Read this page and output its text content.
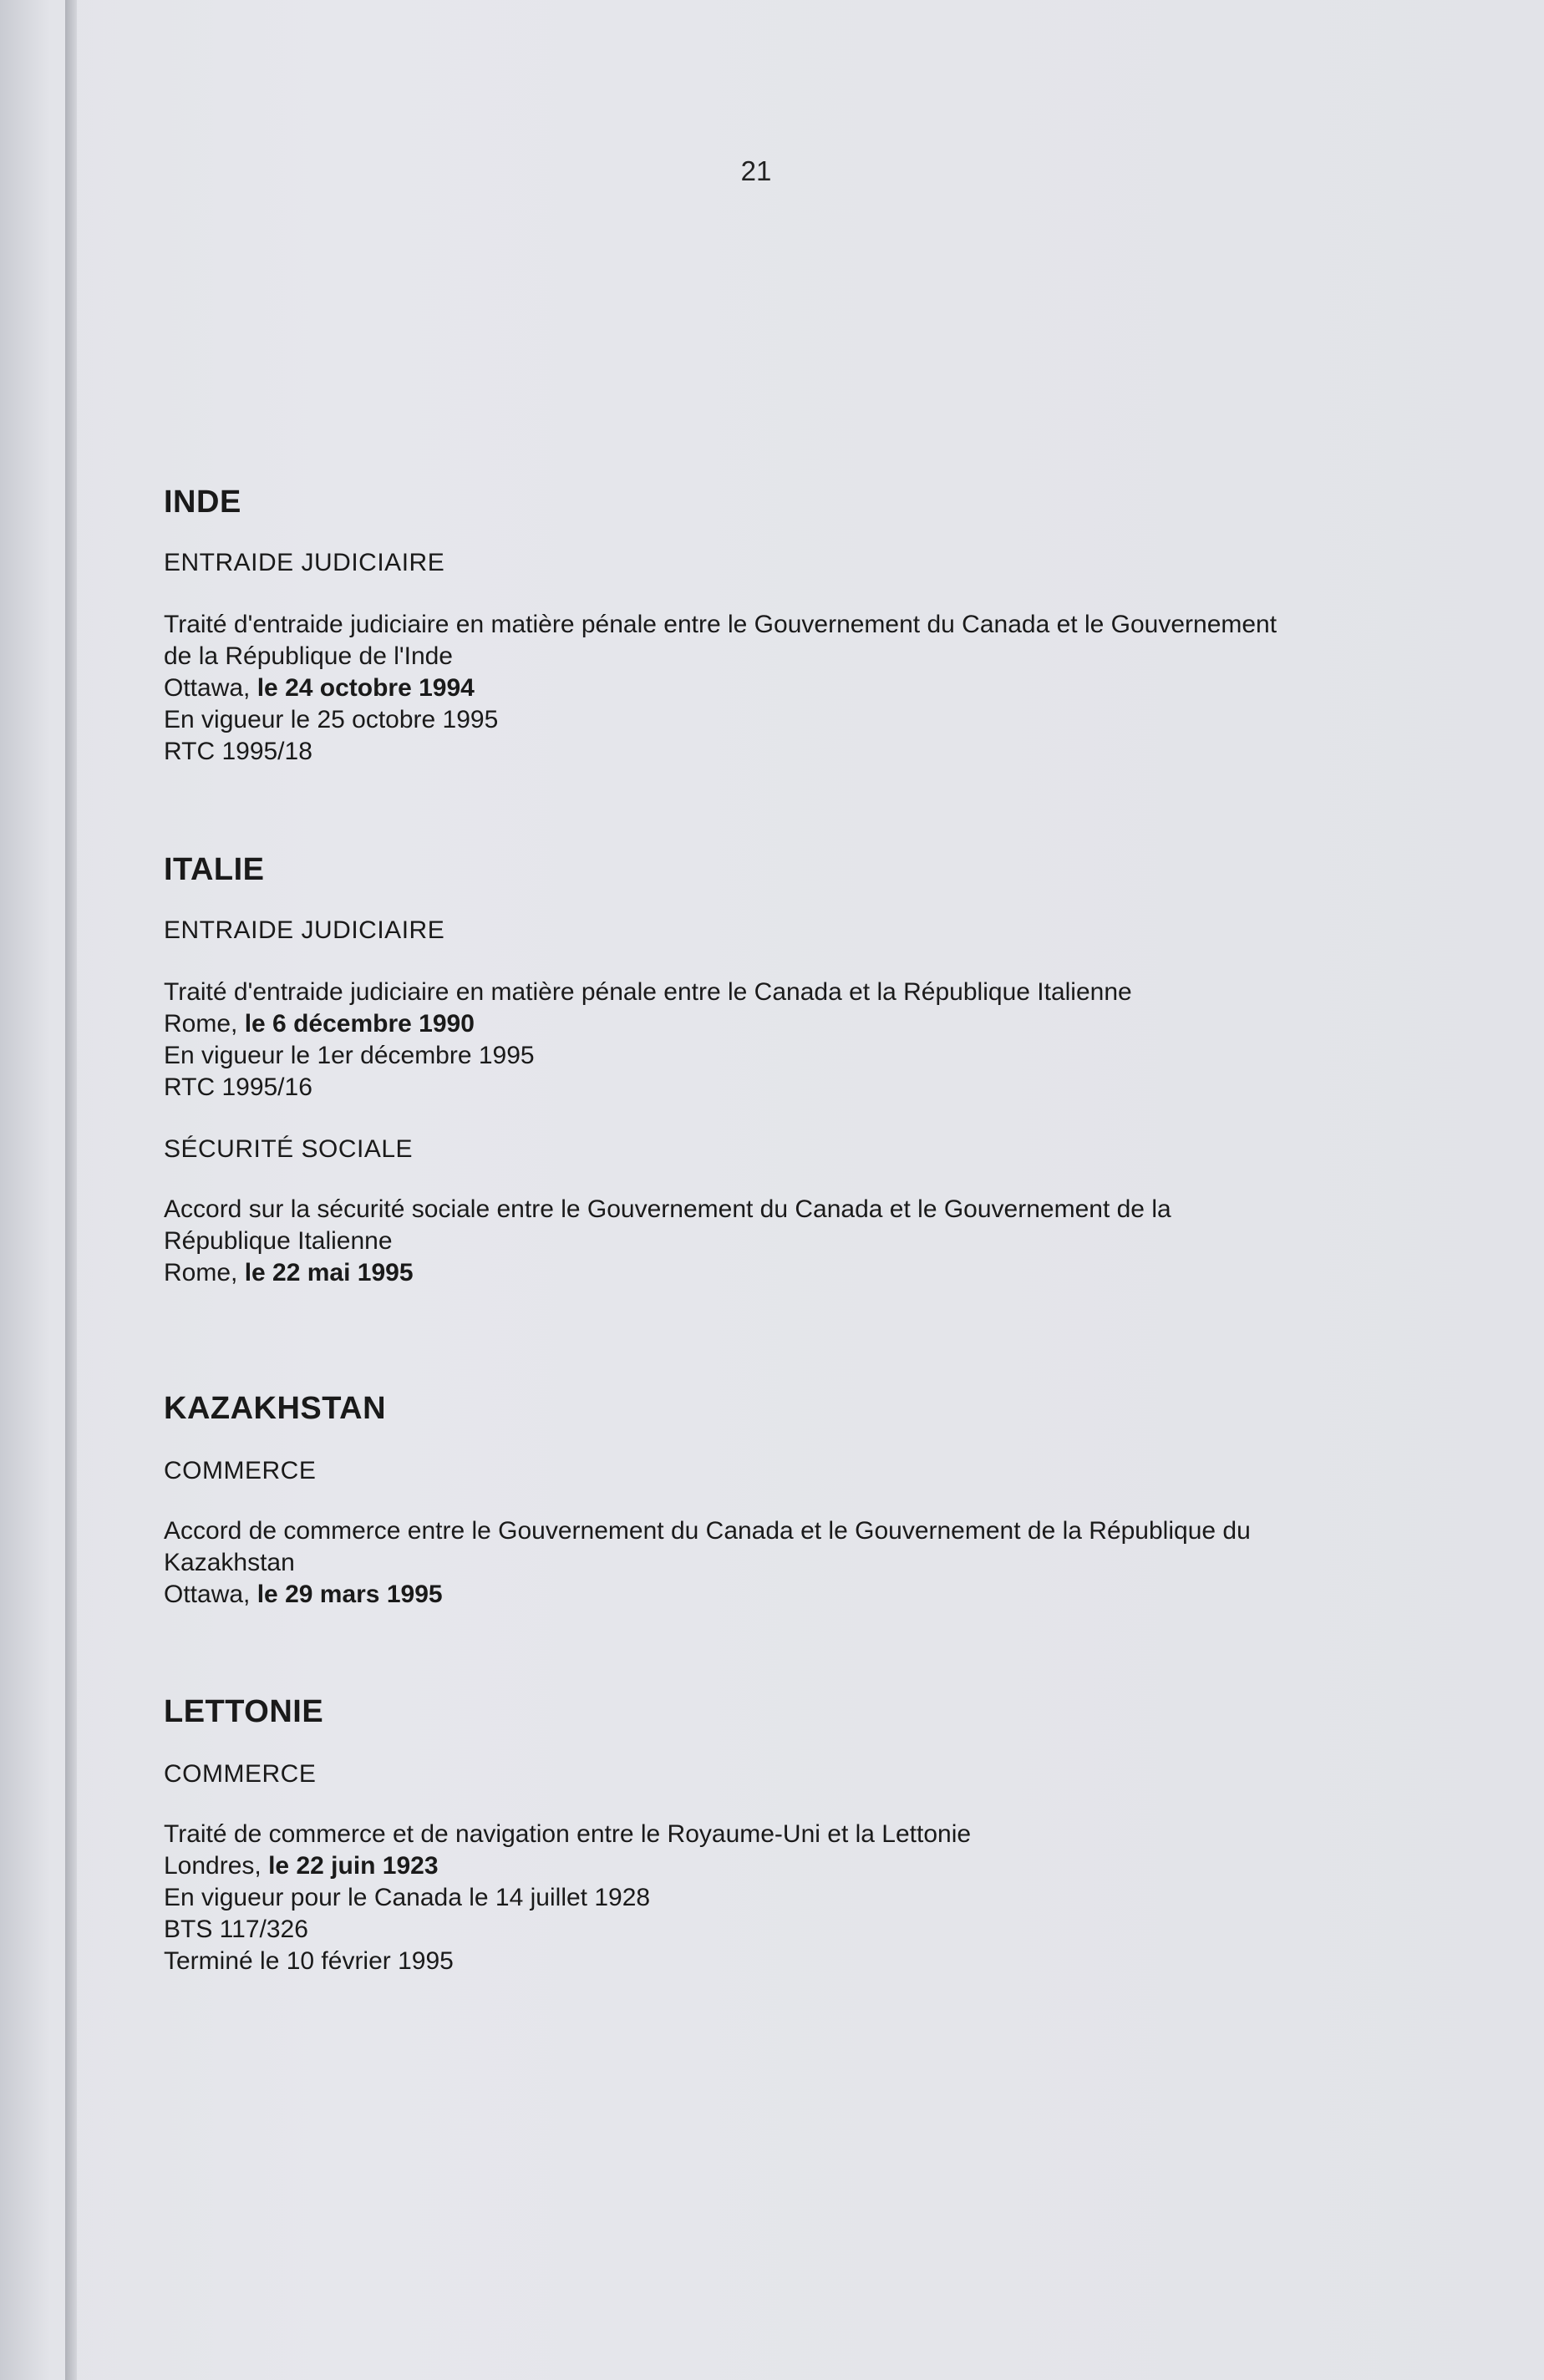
21
INDE

ENTRAIDE JUDICIAIRE

Traité d'entraide judiciaire en matière pénale entre le Gouvernement du Canada et le Gouvernement

de la République de l'Inde

Ottawa, le 24 octobre 1994

En vigueur le 25 octobre 1995

RTC 1995/18

ITALIE

ENTRAIDE JUDICIAIRE

Traité d'entraide judiciaire en matière pénale entre le Canada et la République Italienne

Rome, le 6 décembre 1990

En vigueur le 1er décembre 1995

RTC 1995/16

SÉCURITÉ SOCIALE

Accord sur la sécurité sociale entre le Gouvernement du Canada et le Gouvernement de la

République Italienne

Rome, le 22 mai 1995

KAZAKHSTAN

COMMERCE

Accord de commerce entre le Gouvernement du Canada et le Gouvernement de la République du

Kazakhstan

Ottawa, le 29 mars 1995

LETTONIE

COMMERCE

Traité de commerce et de navigation entre le Royaume-Uni et la Lettonie

Londres, le 22 juin 1923

En vigueur pour le Canada le 14 juillet 1928

BTS 117/326

Terminé le 10 février 1995
